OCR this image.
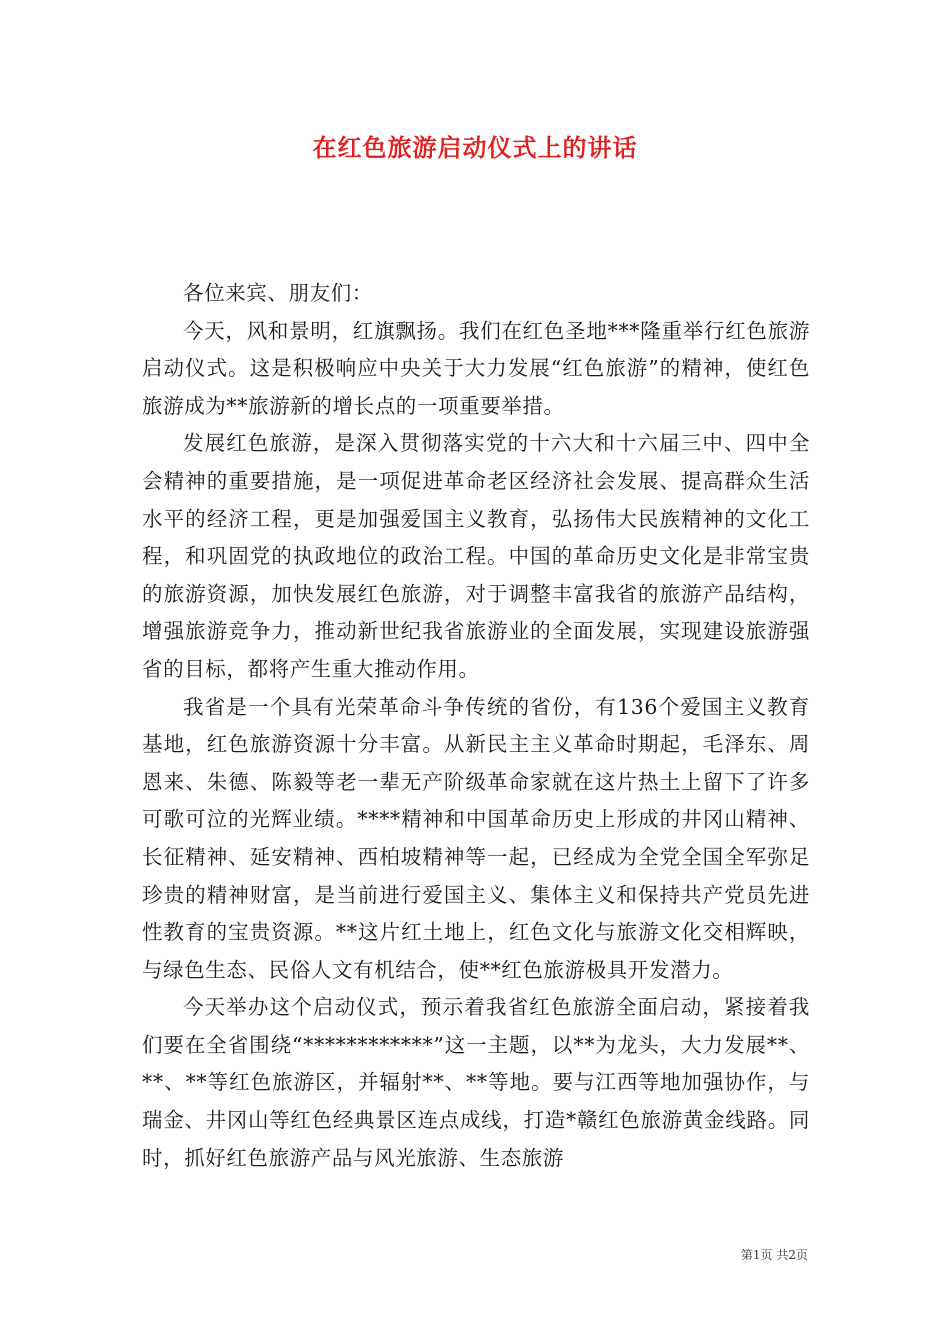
在红色旅游启动仪式上的讲话

各位来宾、朋友们：

今天，风和景明，红旗飘扬。我们在红色圣地***隆重举行红色旅游启动仪式。这是积极响应中央关于大力发展“红色旅游”的精神，使红色旅游成为**旅游新的增长点的一项重要举措。

发展红色旅游，是深入贯彻落实党的十六大和十六届三中、四中全会精神的重要措施，是一项促进革命老区经济社会发展、提高群众生活水平的经济工程，更是加强爱国主义教育，弘扬伟大民族精神的文化工程，和巩固党的执政地位的政治工程。中国的革命历史文化是非常宝贵的旅游资源，加快发展红色旅游，对于调整丰富我省的旅游产品结构，增强旅游竞争力，推动新世纪我省旅游业的全面发展，实现建设旅游强省的目标，都将产生重大推动作用。

我省是一个具有光荣革命斗争传统的省份，有136个爱国主义教育基地，红色旅游资源十分丰富。从新民主主义革命时期起，毛泽东、周恩来、朱德、陈毅等老一辈无产阶级革命家就在这片热土上留下了许多可歌可泣的光辉业绩。****精神和中国革命历史上形成的井冈山精神、长征精神、延安精神、西柏坡精神等一起，已经成为全党全国全军弥足珍贵的精神财富，是当前进行爱国主义、集体主义和保持共产党员先进性教育的宝贵资源。**这片红土地上，红色文化与旅游文化交相辉映，与绿色生态、民俗人文有机结合，使**红色旅游极具开发潜力。

今天举办这个启动仪式，预示着我省红色旅游全面启动，紧接着我们要在全省围绕“************”这一主题，以**为龙头，大力发展**、**、**等红色旅游区，并辐射**、**等地。要与江西等地加强协作，与瑞金、井冈山等红色经典景区连点成线，打造*赣红色旅游黄金线路。同时，抓好红色旅游产品与风光旅游、生态旅游

第1页 共2页
